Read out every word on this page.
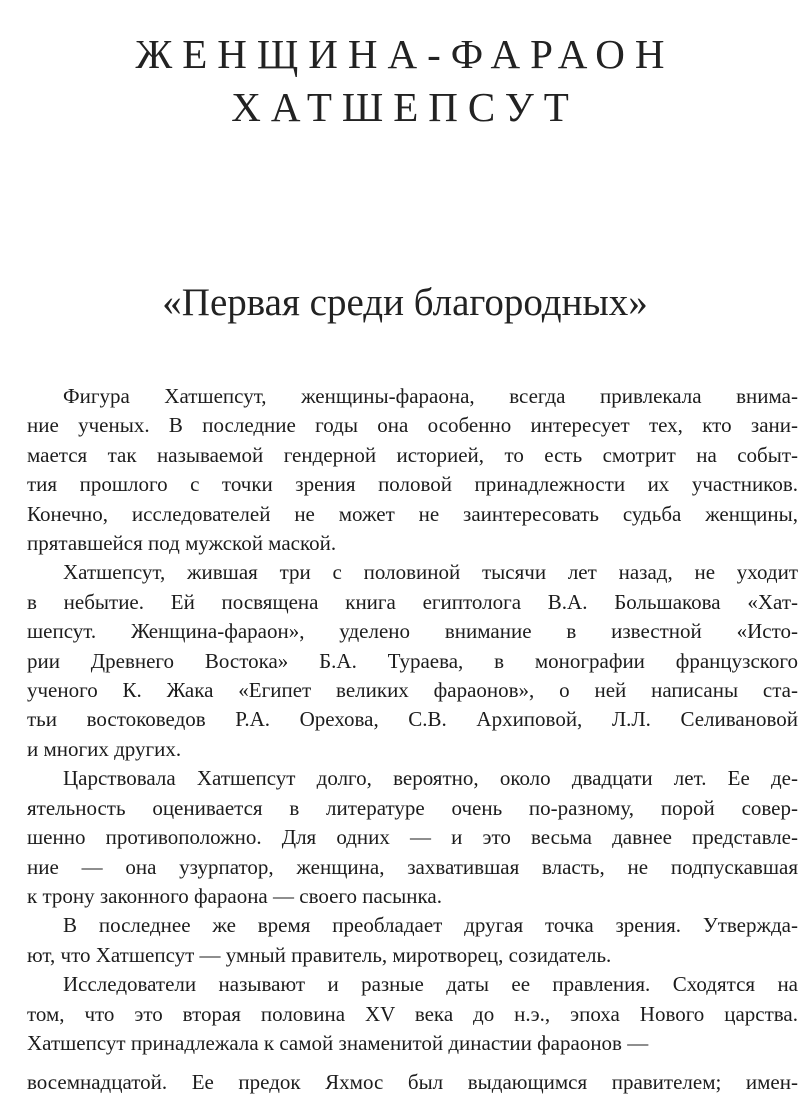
ЖЕНЩИНА-ФАРАОН
ХАТШЕПСУТ
«Первая среди благородных»
Фигура Хатшепсут, женщины-фараона, всегда привлекала внима-
ние ученых. В последние годы она особенно интересует тех, кто зани-
мается так называемой гендерной историей, то есть смотрит на событ-
тия прошлого с точки зрения половой принадлежности их участников.
Конечно, исследователей не может не заинтересовать судьба женщины,
прятавшейся под мужской маской.
Хатшепсут, жившая три с половиной тысячи лет назад, не уходит
в небытие. Ей посвящена книга египтолога В.А. Большакова «Хат-
шепсут. Женщина-фараон», уделено внимание в известной «Исто-
рии Древнего Востока» Б.А. Тураева, в монографии французского
ученого К. Жака «Египет великих фараонов», о ней написаны ста-
тьи востоковедов Р.А. Орехова, С.В. Архиповой, Л.Л. Селивановой
и многих других.
Царствовала Хатшепсут долго, вероятно, около двадцати лет. Ее де-
ятельность оценивается в литературе очень по-разному, порой совер-
шенно противоположно. Для одних — и это весьма давнее представле-
ние — она узурпатор, женщина, захватившая власть, не подпускавшая
к трону законного фараона — своего пасынка.
В последнее же время преобладает другая точка зрения. Утвержда-
ют, что Хатшепсут — умный правитель, миротворец, созидатель.
Исследователи называют и разные даты ее правления. Сходятся на
том, что это вторая половина XV века до н.э., эпоха Нового царства.
Хатшепсут принадлежала к самой знаменитой династии фараонов —
восемнадцатой. Ее предок Яхмос был выдающимся правителем; имен-
